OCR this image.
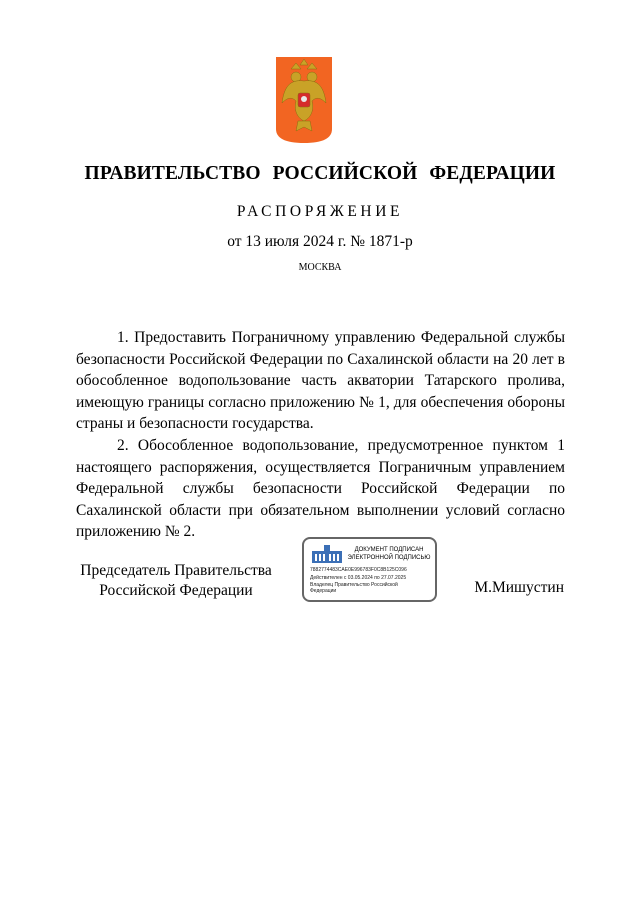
ПРАВИТЕЛЬСТВО РОССИЙСКОЙ ФЕДЕРАЦИИ
РАСПОРЯЖЕНИЕ
от 13 июля 2024 г. № 1871-р
МОСКВА

1. Предоставить Пограничному управлению Федеральной службы безопасности Российской Федерации по Сахалинской области на 20 лет в обособленное водопользование часть акватории Татарского пролива, имеющую границы согласно приложению № 1, для обеспечения обороны страны и безопасности государства.

2. Обособленное водопользование, предусмотренное пунктом 1 настоящего распоряжения, осуществляется Пограничным управлением Федеральной службы безопасности Российской Федерации по Сахалинской области при обязательном выполнении условий согласно приложению № 2.

Председатель Правительства
Российской Федерации
ДОКУМЕНТ ПОДПИСАН
ЭЛЕКТРОННОЙ ПОДПИСЬЮ
7882774483CAE0E996783F0C8B125C096
Действителен с 03.05.2024 по 27.07.2025
Владелец Правительство Российской
Федерации	М.Мишустин
